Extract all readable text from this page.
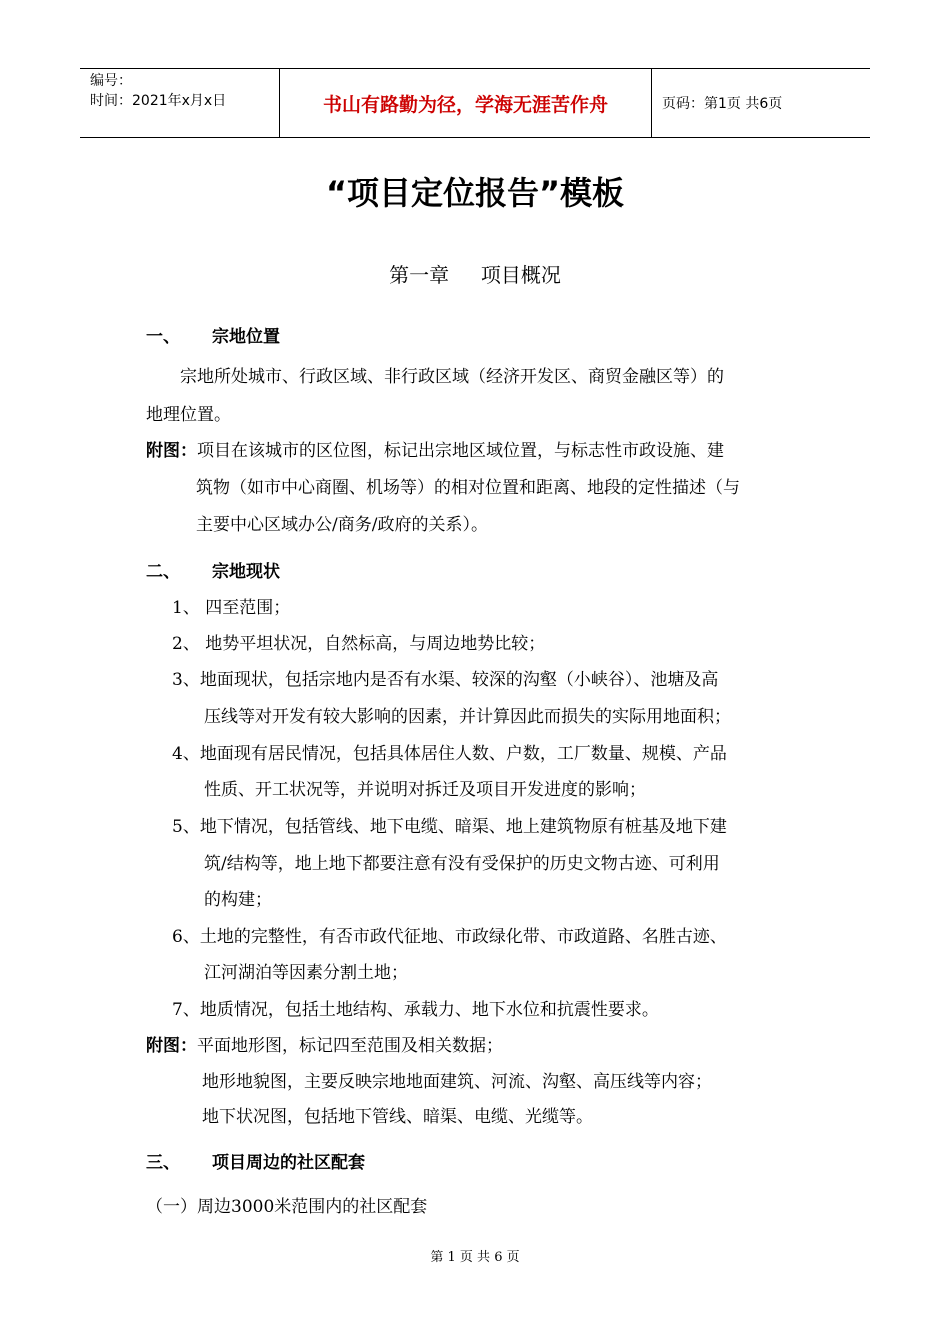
编号：
时间：2021年x月x日	书山有路勤为径，学海无涯苦作舟	页码：第1页 共6页
“项目定位报告”模板
第一章     项目概况
一、 宗地位置
宗地所处城市、行政区域、非行政区域（经济开发区、商贸金融区等）的
地理位置。
附图：项目在该城市的区位图，标记出宗地区域位置，与标志性市政设施、建
筑物（如市中心商圈、机场等）的相对位置和距离、地段的定性描述（与
主要中心区域办公/商务/政府的关系）。
二、 宗地现状
1、 四至范围；
2、 地势平坦状况，自然标高，与周边地势比较；
3、地面现状，包括宗地内是否有水渠、较深的沟壑（小峡谷）、池塘及高
压线等对开发有较大影响的因素，并计算因此而损失的实际用地面积；
4、地面现有居民情况，包括具体居住人数、户数，工厂数量、规模、产品
性质、开工状况等，并说明对拆迁及项目开发进度的影响；
5、地下情况，包括管线、地下电缆、暗渠、地上建筑物原有桩基及地下建
筑/结构等，地上地下都要注意有没有受保护的历史文物古迹、可利用
的构建；
6、土地的完整性，有否市政代征地、市政绿化带、市政道路、名胜古迹、
江河湖泊等因素分割土地；
7、地质情况，包括土地结构、承载力、地下水位和抗震性要求。
附图：平面地形图，标记四至范围及相关数据；
地形地貌图，主要反映宗地地面建筑、河流、沟壑、高压线等内容；
地下状况图，包括地下管线、暗渠、电缆、光缆等。
三、 项目周边的社区配套
（一）周边3000米范围内的社区配套
第 1 页 共 6 页
